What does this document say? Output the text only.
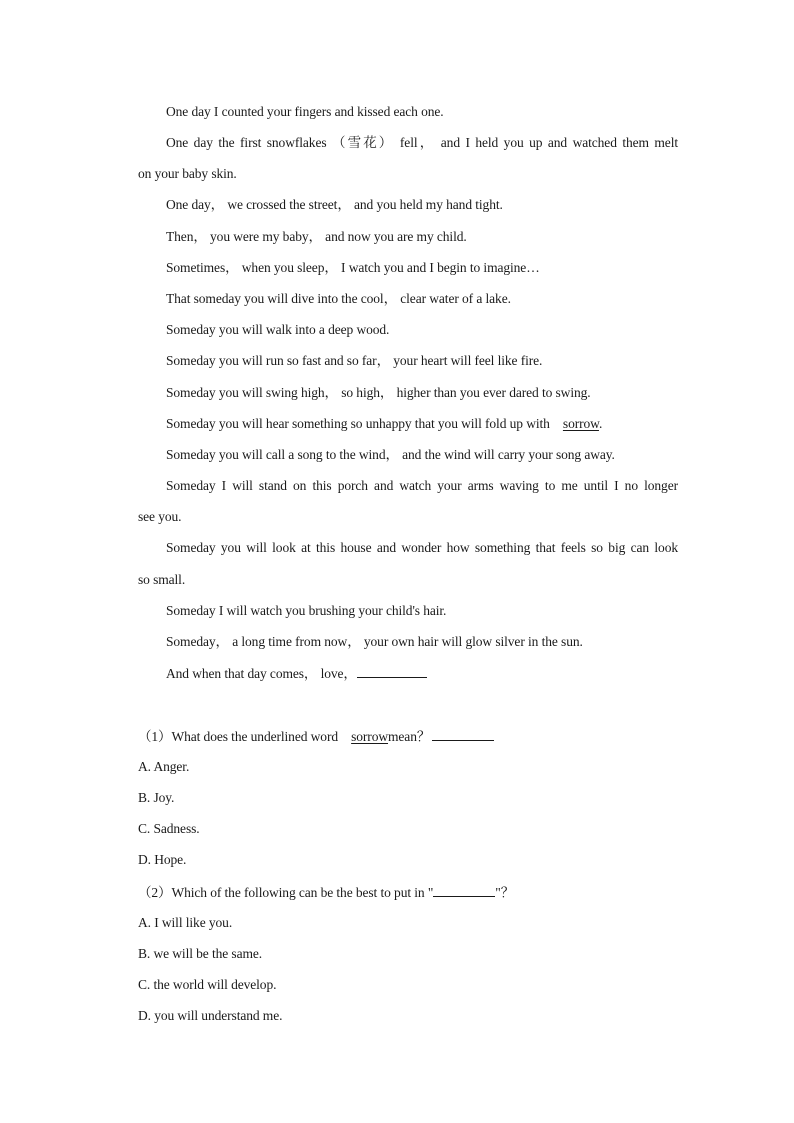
One day I counted your fingers and kissed each one.
One day the first snowflakes （雪花） fell， and I held you up and watched them melt
on your baby skin.
One day， we crossed the street， and you held my hand tight.
Then， you were my baby， and now you are my child.
Sometimes， when you sleep， I watch you and I begin to imagine…
That someday you will dive into the cool， clear water of a lake.
Someday you will walk into a deep wood.
Someday you will run so fast and so far， your heart will feel like fire.
Someday you will swing high， so high， higher than you ever dared to swing.
Someday you will hear something so unhappy that you will fold up with sorrow.
Someday you will call a song to the wind， and the wind will carry your song away.
Someday I will stand on this porch and watch your arms waving to me until I no longer
see you.
Someday you will look at this house and wonder how something that feels so big can look
so small.
Someday I will watch you brushing your child's hair.
Someday， a long time from now， your own hair will glow silver in the sun.
And when that day comes， love，
（1）What does the underlined word sorrowmean？
A. Anger.
B. Joy.
C. Sadness.
D. Hope.
（2）Which of the following can be the best to put in "	"？
A. I will like you.
B. we will be the same.
C. the world will develop.
D. you will understand me.
